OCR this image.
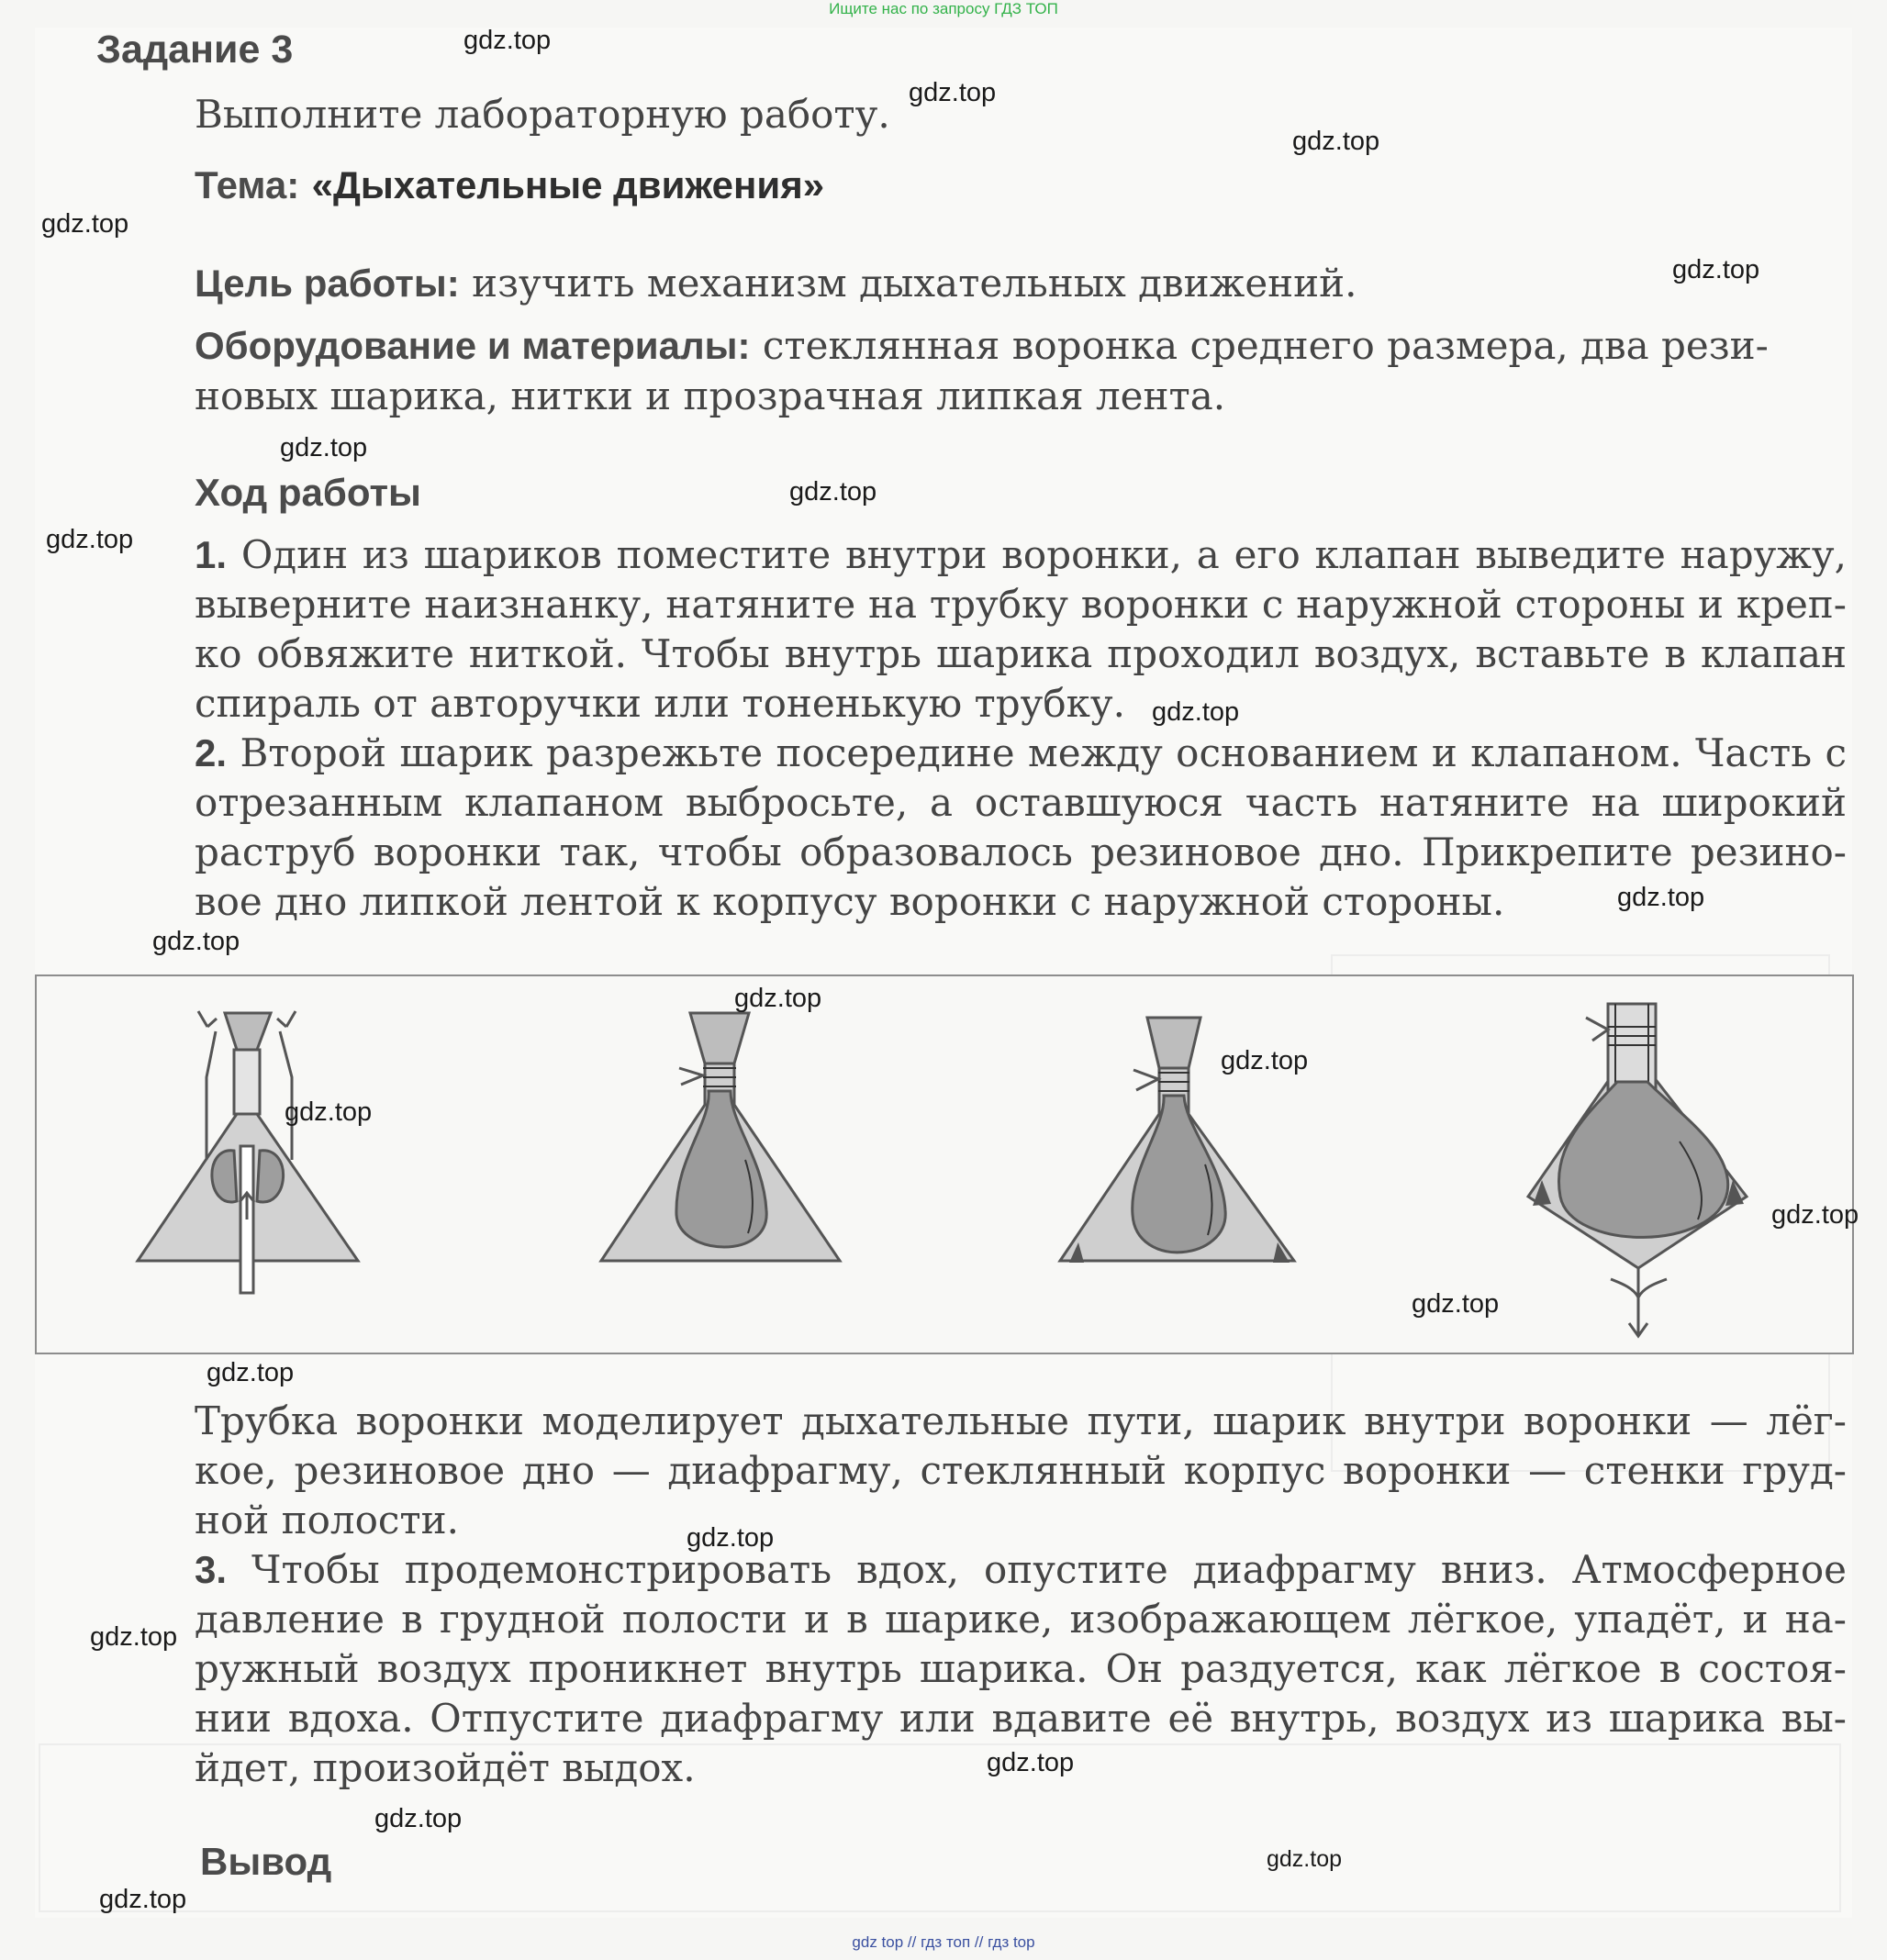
Ищите нас по запросу ГДЗ ТОП
Задание 3
Выполните лабораторную работу.
Тема: «Дыхательные движения»
Цель работы: изучить механизм дыхательных движений.
Оборудование и материалы: стеклянная воронка среднего размера, два рези-
новых шарика, нитки и прозрачная липкая лента.
Ход работы
1. Один из шариков поместите внутри воронки, а его клапан выведите наружу, выверните наизнанку, натяните на трубку воронки с наружной стороны и креп-ко обвяжите ниткой. Чтобы внутрь шарика проходил воздух, вставьте в клапан спираль от авторучки или тоненькую трубку.
2. Второй шарик разрежьте посередине между основанием и клапаном. Часть с отрезанным клапаном выбросьте, а оставшуюся часть натяните на широкий раструб воронки так, чтобы образовалось резиновое дно. Прикрепите резино-вое дно липкой лентой к корпусу воронки с наружной стороны.
Трубка воронки моделирует дыхательные пути, шарик внутри воронки — лёг-кое, резиновое дно — диафрагму, стеклянный корпус воронки — стенки груд-ной полости.
3. Чтобы продемонстрировать вдох, опустите диафрагму вниз. Атмосферное давление в грудной полости и в шарике, изображающем лёгкое, упадёт, и на-ружный воздух проникнет внутрь шарика. Он раздуется, как лёгкое в состоя-нии вдоха. Отпустите диафрагму или вдавите её внутрь, воздух из шарика вы-йдет, произойдёт выдох.
Вывод
gdz.top
gdz.top
gdz.top
gdz.top
gdz.top
gdz.top
gdz.top
gdz.top
gdz.top
gdz.top
gdz.top
gdz.top
gdz.top
gdz.top
gdz.top
gdz.top
gdz.top
gdz.top
gdz.top
gdz.top
gdz.top
gdz.top
gdz.top
gdz top // гдз топ // гдз top
